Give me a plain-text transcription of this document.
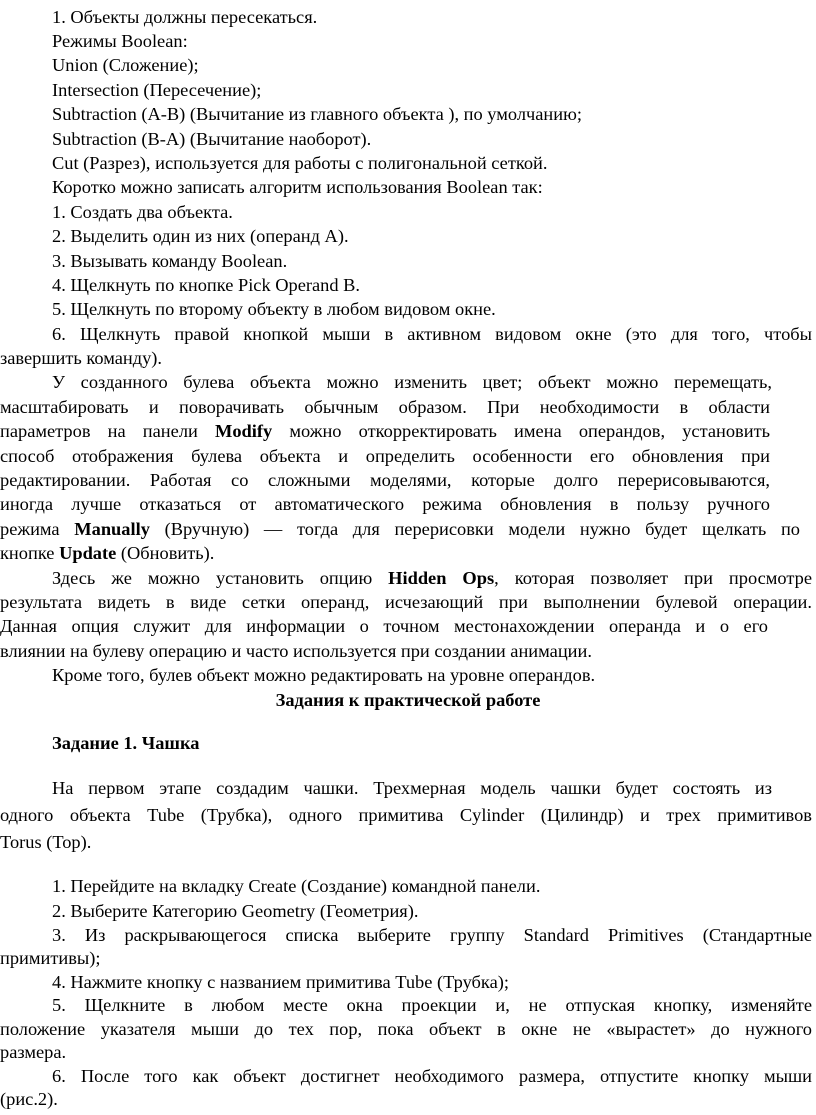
1. Объекты должны пересекаться.
Режимы Boolean:
Union (Сложение);
Intersection (Пересечение);
Subtraction (A-B) (Вычитание из главного объекта ), по умолчанию;
Subtraction (B-A) (Вычитание наоборот).
Cut (Разрез), используется для работы с полигональной сеткой.
Коротко можно записать алгоритм использования Boolean так:
1. Создать два объекта.
2. Выделить один из них (операнд A).
3. Вызывать команду Boolean.
4. Щелкнуть по кнопке Pick Operand B.
5. Щелкнуть по второму объекту в любом видовом окне.
6. Щелкнуть правой кнопкой мыши в активном видовом окне (это для того, чтобы
завершить команду).
У созданного булева объекта можно изменить цвет; объект можно перемещать,
масштабировать и поворачивать обычным образом. При необходимости в области
параметров на панели Modify можно откорректировать имена операндов, установить
способ отображения булева объекта и определить особенности его обновления при
редактировании. Работая со сложными моделями, которые долго перерисовываются,
иногда лучше отказаться от автоматического режима обновления в пользу ручного
режима Manually (Вручную) — тогда для перерисовки модели нужно будет щелкать по
кнопке Update (Обновить).
Здесь же можно установить опцию Hidden Ops, которая позволяет при просмотре
результата видеть в виде сетки операнд, исчезающий при выполнении булевой операции.
Данная опция служит для информации о точном местонахождении операнда и о его
влиянии на булеву операцию и часто используется при создании анимации.
Кроме того, булев объект можно редактировать на уровне операндов.
Задания к практической работе
Задание 1. Чашка
На первом этапе создадим чашки. Трехмерная модель чашки будет состоять из
одного объекта Tube (Трубка), одного примитива Cylinder (Цилиндр) и трех примитивов
Torus (Тор).
1. Перейдите на вкладку Create (Создание) командной панели.
2. Выберите Категорию Geometry (Геометрия).
3. Из раскрывающегося списка выберите группу Standard Primitives (Стандартные
примитивы);
4. Нажмите кнопку с названием примитива Tube (Трубка);
5. Щелкните в любом месте окна проекции и, не отпуская кнопку, изменяйте
положение указателя мыши до тех пор, пока объект в окне не «вырастет» до нужного
размера.
6. После того как объект достигнет необходимого размера, отпустите кнопку мыши
(рис.2).
